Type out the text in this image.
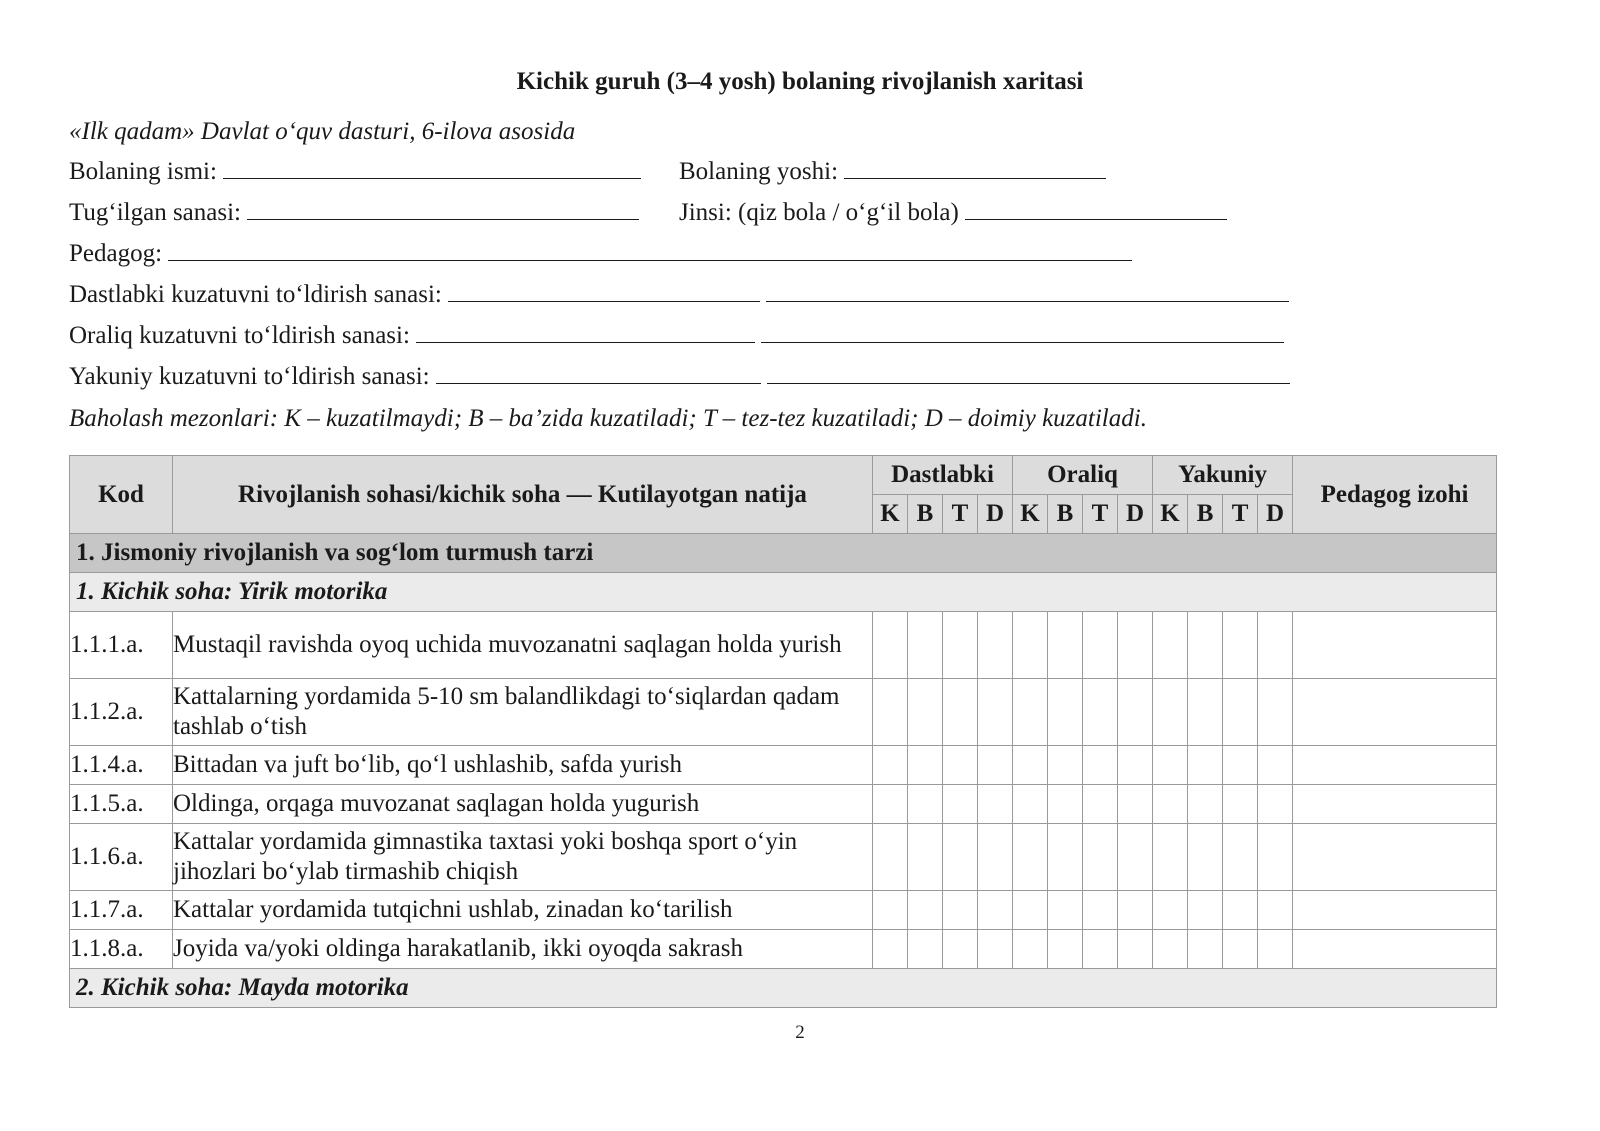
Kichik guruh (3–4 yosh) bolaning rivojlanish xaritasi
«Ilk qadam» Davlat o‘quv dasturi, 6-ilova asosida
Bolaning ismi:	Bolaning yoshi:
Tug‘ilgan sanasi:	Jinsi: (qiz bola / o‘g‘il bola)
Pedagog:
Dastlabki kuzatuvni to‘ldirish sanasi:
Oraliq kuzatuvni to‘ldirish sanasi:
Yakuniy kuzatuvni to‘ldirish sanasi:
Baholash mezonlari: K – kuzatilmaydi; B – ba’zida kuzatiladi; T – tez-tez kuzatiladi; D – doimiy kuzatiladi.
Kod	Rivojlanish sohasi/kichik soha — Kutilayotgan natija	Dastlabki				Oraliq				Yakuniy				Pedagog izohi
		K	B	T	D	K	B	T	D	K	B	T	D	
1. Jismoniy rivojlanish va sog‘lom turmush tarzi														
1. Kichik soha: Yirik motorika														
1.1.1.a.	Mustaqil ravishda oyoq uchida muvozanatni saqlagan holda yurish													
1.1.2.a.	Kattalarning yordamida 5-10 sm balandlikdagi to‘siqlardan qadam tashlab o‘tish													
1.1.4.a.	Bittadan va juft bo‘lib, qo‘l ushlashib, safda yurish													
1.1.5.a.	Oldinga, orqaga muvozanat saqlagan holda yugurish													
1.1.6.a.	Kattalar yordamida gimnastika taxtasi yoki boshqa sport o‘yin jihozlari bo‘ylab tirmashib chiqish													
1.1.7.a.	Kattalar yordamida tutqichni ushlab, zinadan ko‘tarilish													
1.1.8.a.	Joyida va/yoki oldinga harakatlanib, ikki oyoqda sakrash													
2. Kichik soha: Mayda motorika														
2
